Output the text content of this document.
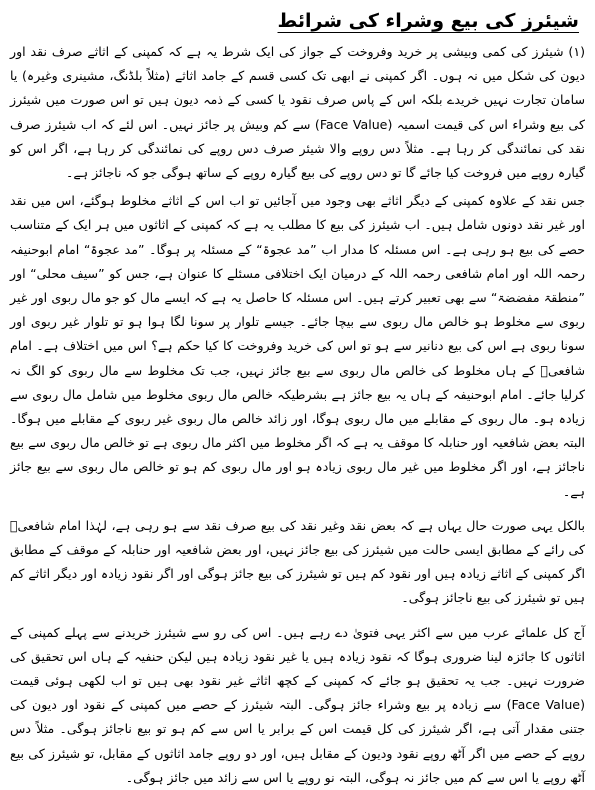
شیئرز کی بیع وشراء کی شرائط

(۱) شیئرز کی کمی وبیشی پر خرید وفروخت کے جواز کی ایک شرط یہ ہے کہ کمپنی کے اثاثے صرف نقد اور دیون کی شکل میں نہ ہوں۔ اگر کمپنی نے ابھی تک کسی قسم کے جامد اثاثے (مثلاً بلڈنگ، مشینری وغیرہ) یا سامان تجارت نہیں خریدے بلکہ اس کے پاس صرف نقود یا کسی کے ذمہ دیون ہیں تو اس صورت میں شیئرز کی بیع وشراء اس کی قیمت اسمیہ (Face Value) سے کم وبیش پر جائز نہیں۔ اس لئے کہ اب شیئرز صرف نقد کی نمائندگی کر رہا ہے۔ مثلاً دس روپے والا شیئر صرف دس روپے کی نمائندگی کر رہا ہے، اگر اس کو گیارہ روپے میں فروخت کیا جائے گا تو دس روپے کی بیع گیارہ روپے کے ساتھ ہوگی جو کہ ناجائز ہے۔

جس نقد کے علاوہ کمپنی کے دیگر اثاثے بھی وجود میں آجائیں تو اب اس کے اثاثے مخلوط ہوگئے، اس میں نقد اور غیر نقد دونوں شامل ہیں۔ اب شیئرز کی بیع کا مطلب یہ ہے کہ کمپنی کے اثاثوں میں ہر ایک کے متناسب حصے کی بیع ہو رہی ہے۔ اس مسئلہ کا مدار اب ”مد عجوۃ“ کے مسئلہ پر ہوگا۔ ”مد عجوۃ“ امام ابوحنیفہ رحمہ اللہ اور امام شافعی رحمہ اللہ کے درمیان ایک اختلافی مسئلے کا عنوان ہے، جس کو ”سیف محلی“ اور ”منطقۃ مفضضۃ“ سے بھی تعبیر کرتے ہیں۔ اس مسئلہ کا حاصل یہ ہے کہ ایسے مال کو جو مال ربوی اور غیر ربوی سے مخلوط ہو خالص مال ربوی سے بیچا جائے۔ جیسے تلوار پر سونا لگا ہوا ہو تو تلوار غیر ربوی اور سونا ربوی ہے اس کی بیع دنانیر سے ہو تو اس کی خرید وفروخت کا کیا حکم ہے؟ اس میں اختلاف ہے۔ امام شافعیؒ کے ہاں مخلوط کی خالص مال ربوی سے بیع جائز نہیں، جب تک مخلوط سے مال ربوی کو الگ نہ کرلیا جائے۔ امام ابوحنیفہ کے ہاں یہ بیع جائز ہے بشرطیکہ خالص مال ربوی مخلوط میں شامل مال ربوی سے زیادہ ہو۔ مال ربوی کے مقابلے میں مال ربوی ہوگا، اور زائد خالص مال ربوی غیر ربوی کے مقابلے میں ہوگا۔ البتہ بعض شافعیہ اور حنابلہ کا موقف یہ ہے کہ اگر مخلوط میں اکثر مال ربوی ہے تو خالص مال ربوی سے بیع ناجائز ہے، اور اگر مخلوط میں غیر مال ربوی زیادہ ہو اور مال ربوی کم ہو تو خالص مال ربوی سے بیع جائز ہے۔

بالکل یہی صورت حال یہاں ہے کہ بعض نقد وغیر نقد کی بیع صرف نقد سے ہو رہی ہے، لہٰذا امام شافعیؒ کی رائے کے مطابق ایسی حالت میں شیئرز کی بیع جائز نہیں، اور بعض شافعیہ اور حنابلہ کے موقف کے مطابق اگر کمپنی کے اثاثے زیادہ ہیں اور نقود کم ہیں تو شیئرز کی بیع جائز ہوگی اور اگر نقود زیادہ اور دیگر اثاثے کم ہیں تو شیئرز کی بیع ناجائز ہوگی۔

آج کل علمائے عرب میں سے اکثر یہی فتویٰ دے رہے ہیں۔ اس کی رو سے شیئرز خریدنے سے پہلے کمپنی کے اثاثوں کا جائزہ لینا ضروری ہوگا کہ نقود زیادہ ہیں یا غیر نقود زیادہ ہیں لیکن حنفیہ کے ہاں اس تحقیق کی ضرورت نہیں۔ جب یہ تحقیق ہو جائے کہ کمپنی کے کچھ اثاثے غیر نقود بھی ہیں تو اب لکھی ہوئی قیمت (Face Value) سے زیادہ پر بیع وشراء جائز ہوگی۔ البتہ شیئرز کے حصے میں کمپنی کے نقود اور دیون کی جتنی مقدار آتی ہے، اگر شیئرز کی کل قیمت اس کے برابر یا اس سے کم ہو تو بیع ناجائز ہوگی۔ مثلاً دس روپے کے حصے میں اگر آٹھ روپے نقود ودیون کے مقابل ہیں، اور دو روپے جامد اثاثوں کے مقابل، تو شیئرز کی بیع آٹھ روپے یا اس سے کم میں جائز نہ ہوگی، البتہ نو روپے یا اس سے زائد میں جائز ہوگی۔
